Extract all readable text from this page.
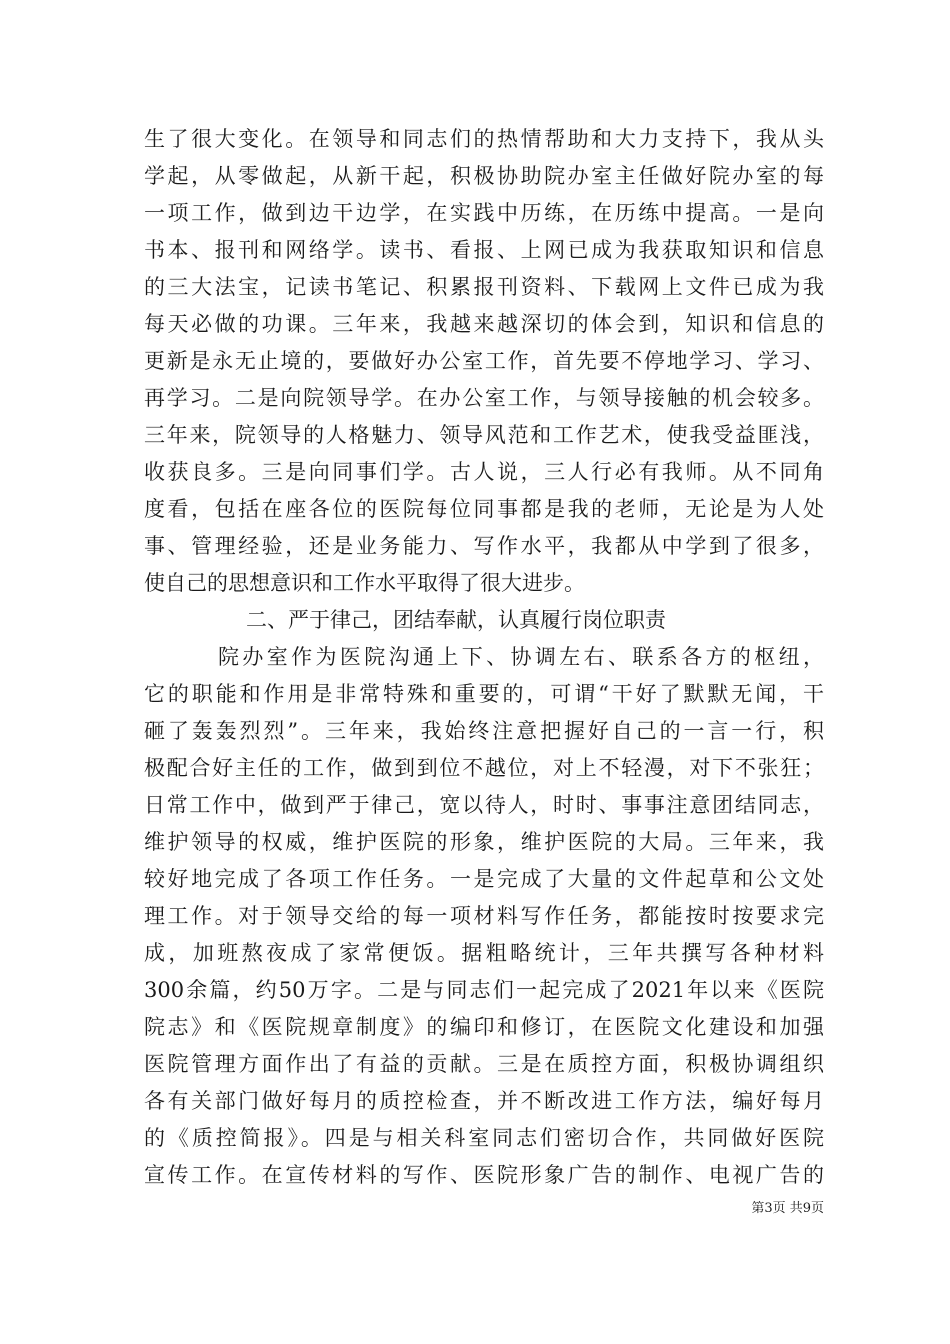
生了很大变化。在领导和同志们的热情帮助和大力支持下，我从头
学起，从零做起，从新干起，积极协助院办室主任做好院办室的每
一项工作，做到边干边学，在实践中历练，在历练中提高。一是向
书本、报刊和网络学。读书、看报、上网已成为我获取知识和信息
的三大法宝，记读书笔记、积累报刊资料、下载网上文件已成为我
每天必做的功课。三年来，我越来越深切的体会到，知识和信息的
更新是永无止境的，要做好办公室工作，首先要不停地学习、学习、
再学习。二是向院领导学。在办公室工作，与领导接触的机会较多。
三年来，院领导的人格魅力、领导风范和工作艺术，使我受益匪浅，
收获良多。三是向同事们学。古人说，三人行必有我师。从不同角
度看，包括在座各位的医院每位同事都是我的老师，无论是为人处
事、管理经验，还是业务能力、写作水平，我都从中学到了很多，
使自己的思想意识和工作水平取得了很大进步。
二、严于律己，团结奉献，认真履行岗位职责
院办室作为医院沟通上下、协调左右、联系各方的枢纽，
它的职能和作用是非常特殊和重要的，可谓“干好了默默无闻，干
砸了轰轰烈烈”。三年来，我始终注意把握好自己的一言一行，积
极配合好主任的工作，做到到位不越位，对上不轻漫，对下不张狂；
日常工作中，做到严于律己，宽以待人，时时、事事注意团结同志，
维护领导的权威，维护医院的形象，维护医院的大局。三年来，我
较好地完成了各项工作任务。一是完成了大量的文件起草和公文处
理工作。对于领导交给的每一项材料写作任务，都能按时按要求完
成，加班熬夜成了家常便饭。据粗略统计，三年共撰写各种材料
300余篇，约50万字。二是与同志们一起完成了2021年以来《医院
院志》和《医院规章制度》的编印和修订，在医院文化建设和加强
医院管理方面作出了有益的贡献。三是在质控方面，积极协调组织
各有关部门做好每月的质控检查，并不断改进工作方法，编好每月
的《质控简报》。四是与相关科室同志们密切合作，共同做好医院
宣传工作。在宣传材料的写作、医院形象广告的制作、电视广告的
第3页 共9页
